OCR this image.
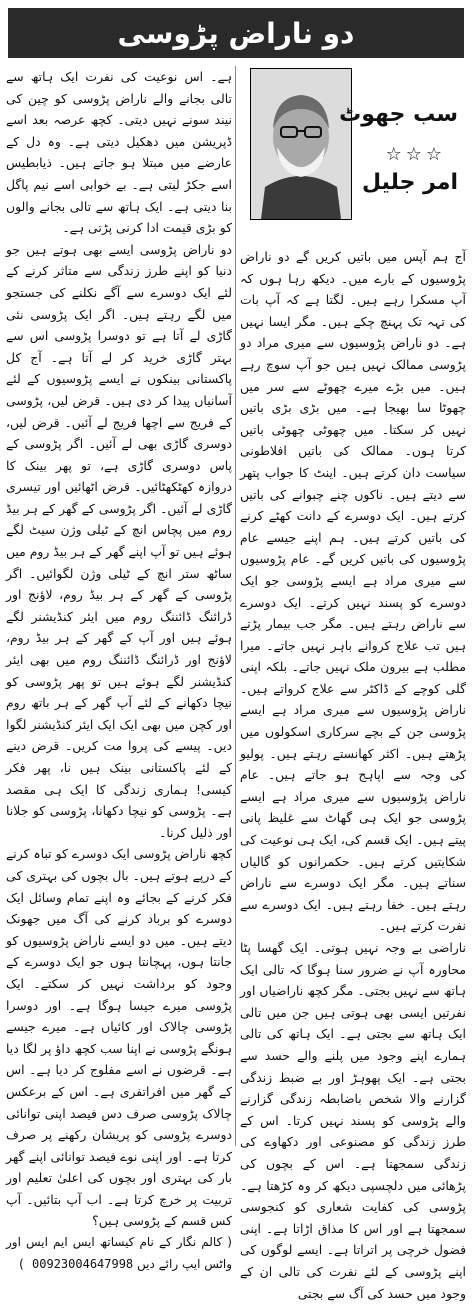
دو ناراض پڑوسی
سب جھوٹ
☆☆☆
امر جلیل

آج ہم آپس میں باتیں کریں گے دو ناراض پڑوسیوں کے بارے میں۔ دیکھ رہا ہوں کہ آپ مسکرا رہے ہیں۔ لگتا ہے کہ آپ بات کی تہہ تک پہنچ چکے ہیں۔ مگر ایسا نہیں ہے۔ دو ناراض پڑوسیوں سے میری مراد دو پڑوسی ممالک نہیں ہیں جو آپ سوچ رہے ہیں۔ میں بڑے میرے چھوٹے سے سر میں چھوٹا سا بھیجا ہے۔ میں بڑی بڑی باتیں نہیں کر سکتا۔ میں چھوٹی چھوٹی باتیں کرتا ہوں۔ ممالک کی باتیں افلاطونی سیاست دان کرتے ہیں۔ اینٹ کا جواب پتھر سے دیتے ہیں۔ ناکوں چنے چبوانے کی باتیں کرتے ہیں۔ ایک دوسرے کے دانت کھٹے کرنے کی باتیں کرتے ہیں۔ ہم اپنے جیسے عام پڑوسیوں کی باتیں کریں گے۔ عام پڑوسیوں سے میری مراد ہے ایسے پڑوسی جو ایک دوسرے کو پسند نہیں کرتے۔ ایک دوسرے سے ناراض رہتے ہیں۔ مگر جب بیمار پڑتے ہیں تب علاج کروانے باہر نہیں جاتے۔ میرا مطلب ہے بیرون ملک نہیں جاتے۔ بلکہ اپنی گلی کوچے کے ڈاکٹر سے علاج کرواتے ہیں۔ ناراض پڑوسیوں سے میری مراد ہے ایسے پڑوسی جن کے بچے سرکاری اسکولوں میں پڑھتے ہیں۔ اکثر کھانستے رہتے ہیں۔ پولیو کی وجہ سے اپاہج ہو جاتے ہیں۔ عام ناراض پڑوسیوں سے میری مراد ہے ایسے پڑوسی جو ایک ہی گھاٹ سے غلیظ پانی پیتے ہیں۔ ایک قسم کی، ایک ہی نوعیت کی شکایتیں کرتے ہیں۔ حکمرانوں کو گالیاں سناتے ہیں۔ مگر ایک دوسرے سے ناراض رہتے ہیں۔ خفا رہتے ہیں۔ ایک دوسرے سے نفرت کرتے ہیں۔

ناراضی بے وجہ نہیں ہوتی۔ ایک گھسا پٹا محاورہ آپ نے ضرور سنا ہوگا کہ تالی ایک ہاتھ سے نہیں بجتی۔ مگر کچھ ناراضیاں اور نفرتیں ایسی بھی ہوتی ہیں جن میں تالی ایک ہاتھ سے بجتی ہے۔ ایک ہاتھ کی تالی ہمارے اپنے وجود میں پلنے والے حسد سے بجتی ہے۔ ایک پھوہڑ اور بے ضبط زندگی گزارنے والا شخص باضابطہ زندگی گزارنے والے پڑوسی کو پسند نہیں کرتا۔ اس کے طرز زندگی کو مصنوعی اور دکھاوے کی زندگی سمجھتا ہے۔ اس کے بچوں کی پڑھائی میں دلچسپی دیکھ کر وہ کڑھتا ہے۔ پڑوسی کی کفایت شعاری کو کنجوسی سمجھتا ہے اور اس کا مذاق اڑاتا ہے۔ اپنی فضول خرچی پر اتراتا ہے۔ ایسے لوگوں کی اپنے پڑوسی کے لئے نفرت کی تالی ان کے وجود میں حسد کی آگ سے بجتی

ہے۔ اس نوعیت کی نفرت ایک ہاتھ سے تالی بجانے والے ناراض پڑوسی کو چین کی نیند سونے نہیں دیتی۔ کچھ عرصہ بعد اسے ڈپریشن میں دھکیل دیتی ہے۔ وہ دل کے عارضے میں مبتلا ہو جاتے ہیں۔ ذیابطیس اسے جکڑ لیتی ہے۔ بے خوابی اسے نیم پاگل بنا دیتی ہے۔ ایک ہاتھ سے تالی بجانے والوں کو بڑی قیمت ادا کرنی پڑتی ہے۔

دو ناراض پڑوسی ایسے بھی ہوتے ہیں جو دنیا کو اپنے طرز زندگی سے متاثر کرنے کے لئے ایک دوسرے سے آگے نکلنے کی جستجو میں لگے رہتے ہیں۔ اگر ایک پڑوسی نئی گاڑی لے آتا ہے تو دوسرا پڑوسی اس سے بہتر گاڑی خرید کر لے آتا ہے۔ آج کل پاکستانی بینکوں نے ایسے پڑوسیوں کے لئے آسانیاں پیدا کر دی ہیں۔ قرض لیں، پڑوسی کے فریج سے اچھا فریج لے آئیں۔ قرض لیں، دوسری گاڑی بھی لے آئیں۔ اگر پڑوسی کے پاس دوسری گاڑی ہے، تو پھر بینک کا دروازہ کھٹکھٹائیں۔ قرض اٹھائیں اور تیسری گاڑی لے آئیں۔ اگر پڑوسی کے گھر کے ہر بیڈ روم میں پچاس انچ کے ٹیلی وژن سیٹ لگے ہوئے ہیں تو آپ اپنے گھر کے ہر بیڈ روم میں ساٹھ ستر انچ کے ٹیلی وژن لگوائیں۔ اگر پڑوسی کے گھر کے ہر بیڈ روم، لاؤنج اور ڈرائنگ ڈائننگ روم میں ایئر کنڈیشنر لگے ہوئے ہیں اور آپ کے گھر کے ہر بیڈ روم، لاؤنج اور ڈرائنگ ڈائننگ روم میں بھی ایئر کنڈیشنر لگے ہوئے ہیں تو پھر پڑوسی کو نیچا دکھانے کے لئے آپ گھر کے ہر باتھ روم اور کچن میں بھی ایک ایک ایئر کنڈیشنر لگوا دیں۔ پیسے کی پروا مت کریں۔ قرض دینے کے لئے پاکستانی بینک ہیں نا، پھر فکر کیسی! ہماری زندگی کا ایک ہی مقصد ہے۔ پڑوسی کو نیچا دکھانا، پڑوسی کو جلانا اور ذلیل کرنا۔

کچھ ناراض پڑوسی ایک دوسرے کو تباہ کرنے کے درپے ہوتے ہیں۔ بال بچوں کی بہتری کی فکر کرنے کے بجائے وہ اپنے تمام وسائل ایک دوسرے کو برباد کرنے کی آگ میں جھونک دیتے ہیں۔ میں دو ایسے ناراض پڑوسیوں کو جانتا ہوں، پہچانتا ہوں جو ایک دوسرے کے وجود کو برداشت نہیں کر سکتے۔ ایک پڑوسی میرے جیسا ہوگا ہے۔ اور دوسرا پڑوسی چالاک اور کائیاں ہے۔ میرے جیسے ہونگے پڑوسی نے اپنا سب کچھ داؤ پر لگا دیا ہے۔ قرضوں نے اسے مفلوج کر دیا ہے۔ اس کے گھر میں افراتفری ہے۔ اس کے برعکس چالاک پڑوسی صرف دس فیصد اپنی توانائی دوسرے پڑوسی کو پریشان رکھنے پر صرف کرتا ہے۔ اور اپنی نوے فیصد توانائی اپنے گھر بار کی بہتری اور بچوں کی اعلیٰ تعلیم اور تربیت پر خرچ کرتا ہے۔ اب آپ بتائیں۔ آپ کس قسم کے پڑوسی ہیں؟

( کالم نگار کے نام کیساتھ ایس ایم ایس اور واٹس ایپ رائے دیں 00923004647998 )
